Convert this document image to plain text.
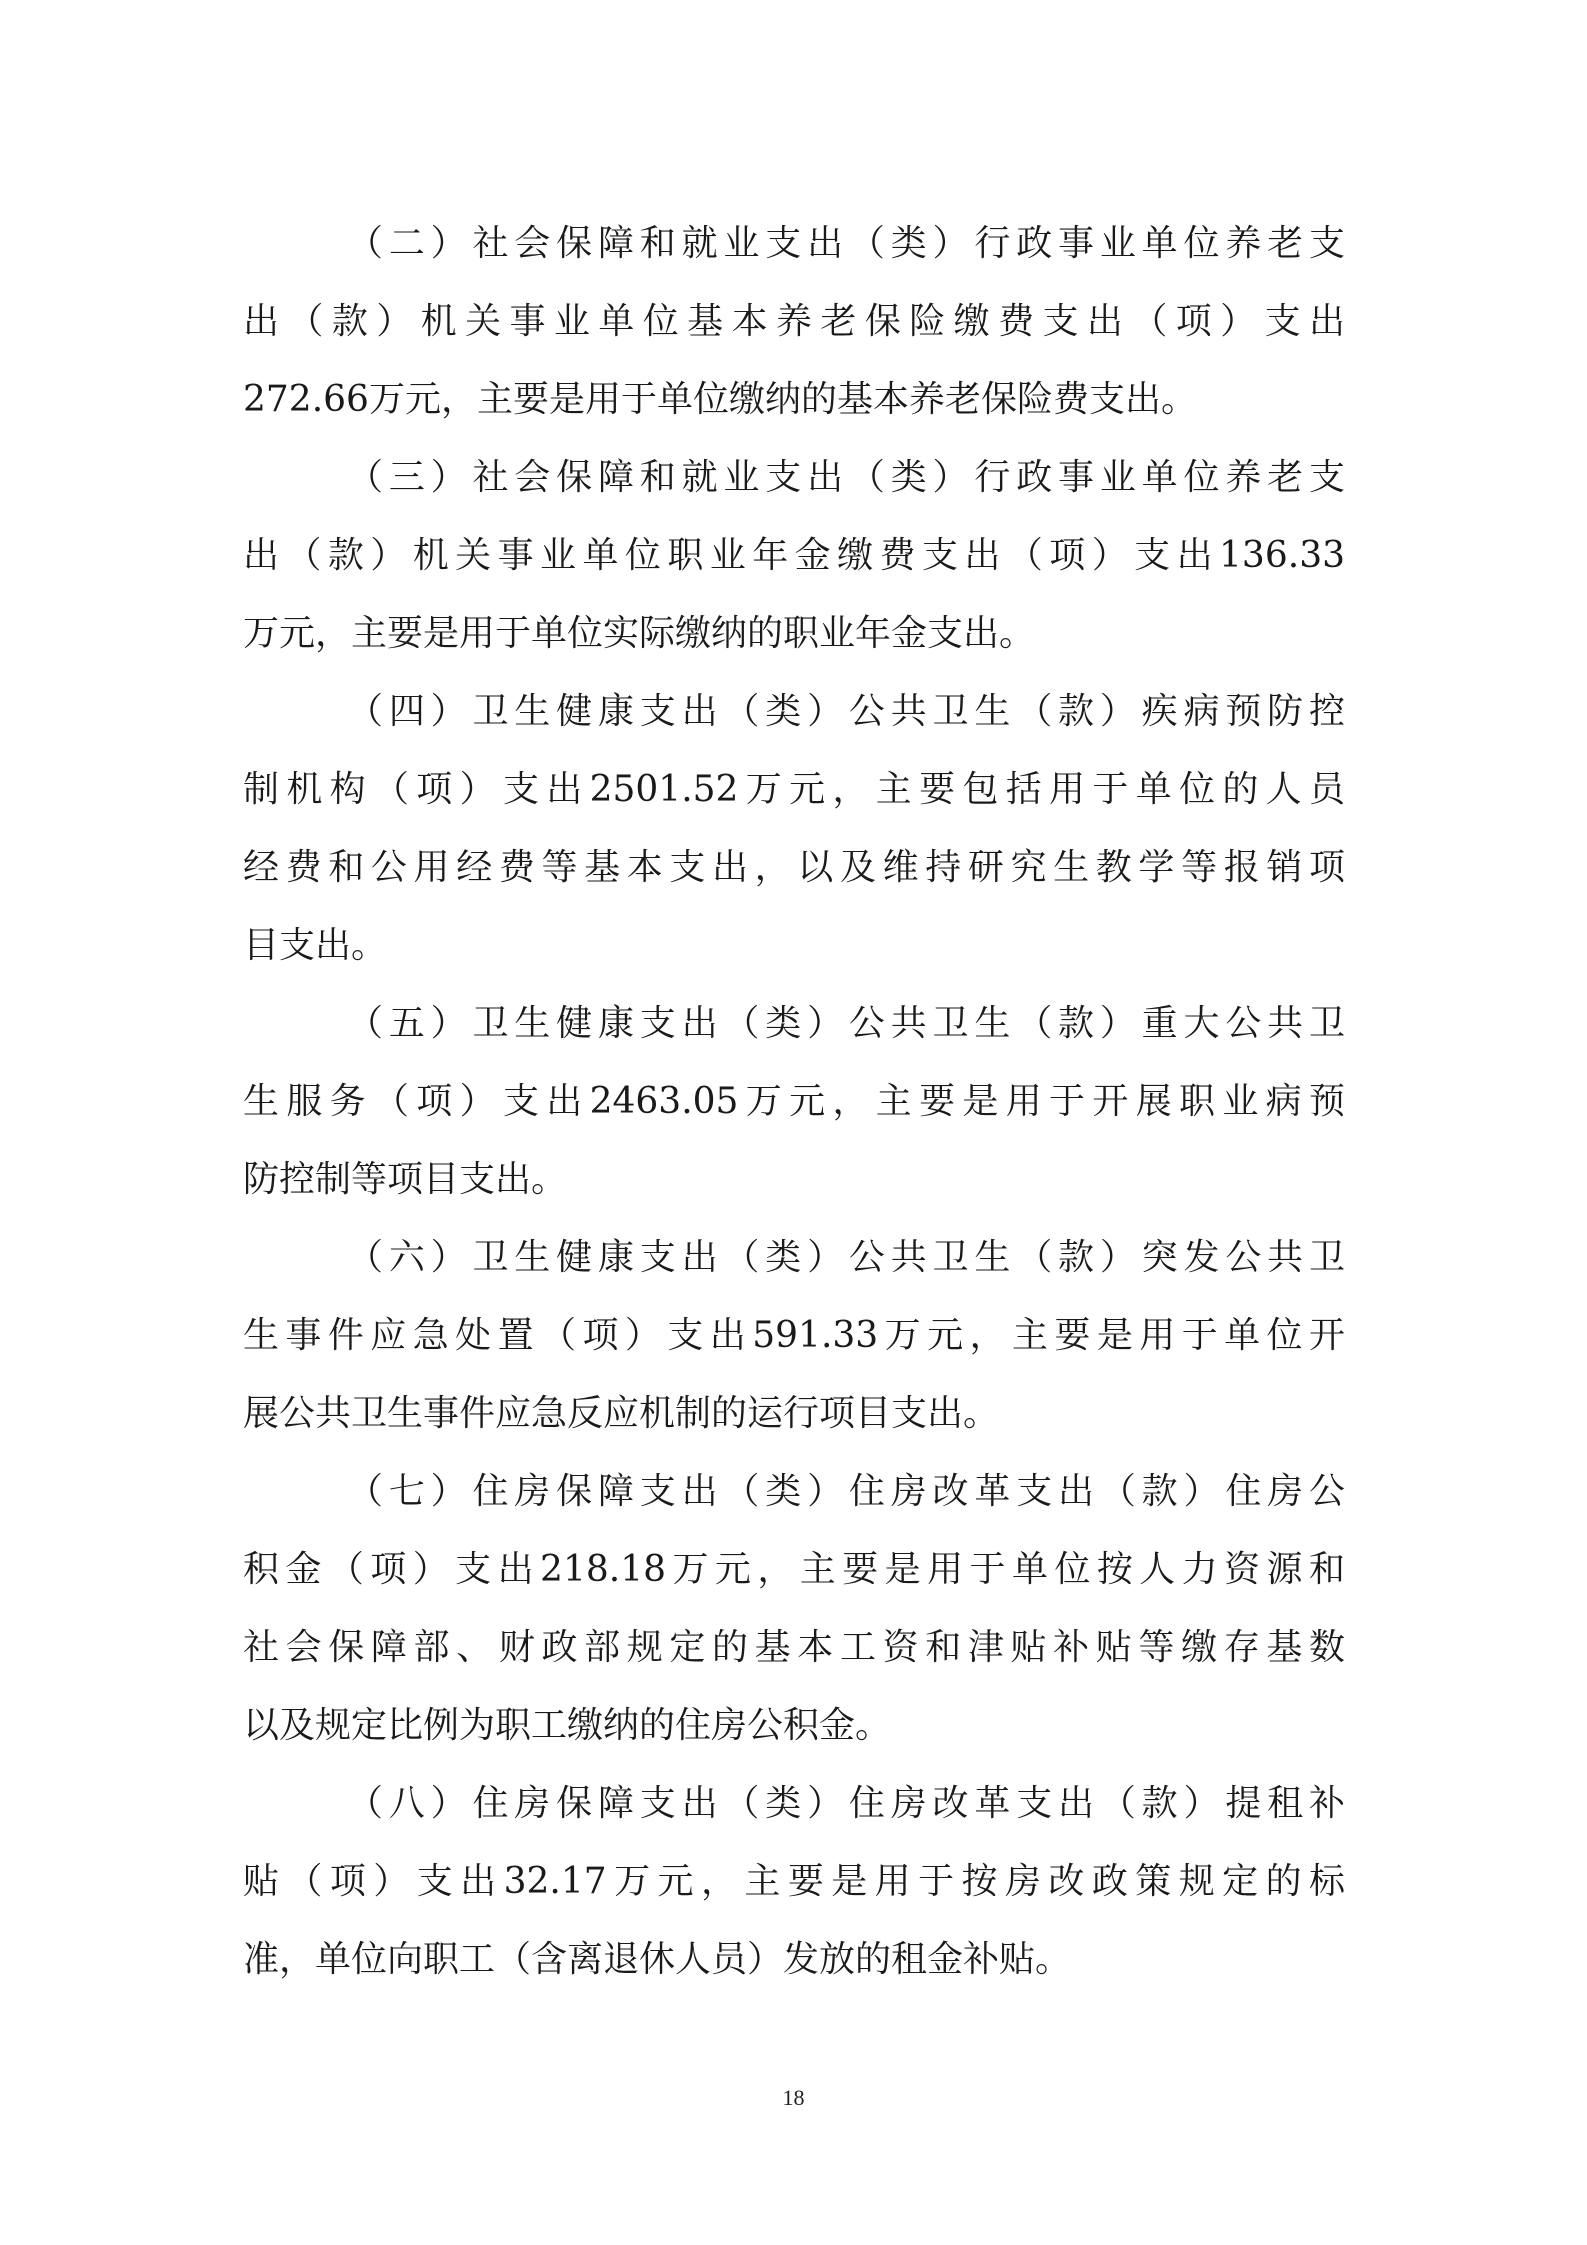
（二）社会保障和就业支出（类）行政事业单位养老支
出（款）机关事业单位基本养老保险缴费支出（项）支出
272.66万元，主要是用于单位缴纳的基本养老保险费支出。
（三）社会保障和就业支出（类）行政事业单位养老支
出（款）机关事业单位职业年金缴费支出（项）支出136.33
万元，主要是用于单位实际缴纳的职业年金支出。
（四）卫生健康支出（类）公共卫生（款）疾病预防控
制机构（项）支出2501.52万元，主要包括用于单位的人员
经费和公用经费等基本支出，以及维持研究生教学等报销项
目支出。
（五）卫生健康支出（类）公共卫生（款）重大公共卫
生服务（项）支出2463.05万元，主要是用于开展职业病预
防控制等项目支出。
（六）卫生健康支出（类）公共卫生（款）突发公共卫
生事件应急处置（项）支出591.33万元，主要是用于单位开
展公共卫生事件应急反应机制的运行项目支出。
（七）住房保障支出（类）住房改革支出（款）住房公
积金（项）支出218.18万元，主要是用于单位按人力资源和
社会保障部、财政部规定的基本工资和津贴补贴等缴存基数
以及规定比例为职工缴纳的住房公积金。
（八）住房保障支出（类）住房改革支出（款）提租补
贴（项）支出32.17万元，主要是用于按房改政策规定的标
准，单位向职工（含离退休人员）发放的租金补贴。
18
